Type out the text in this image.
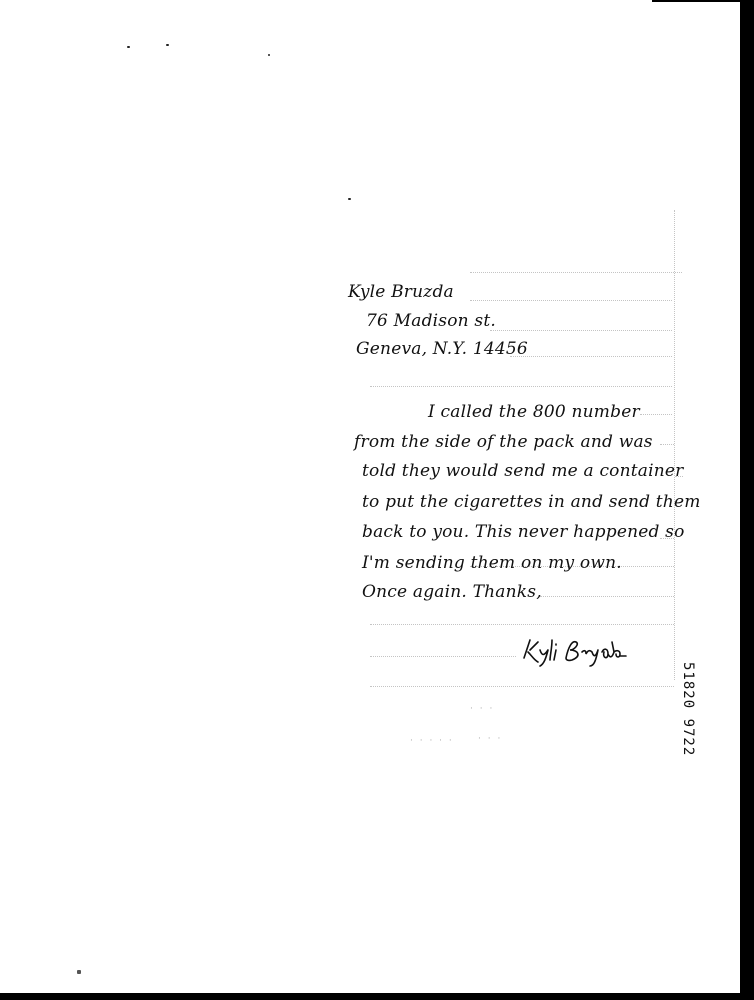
Kyle Bruzda
76 Madison st.
Geneva, N.Y. 14456
I called the 800 number
from the side of the pack and was
told they would send me a container
to put the cigarettes in and send them
back to you. This never happened so
I'm sending them on my own.
Once again. Thanks,
51820 9722
· · ·
· · · · ·	· · ·
